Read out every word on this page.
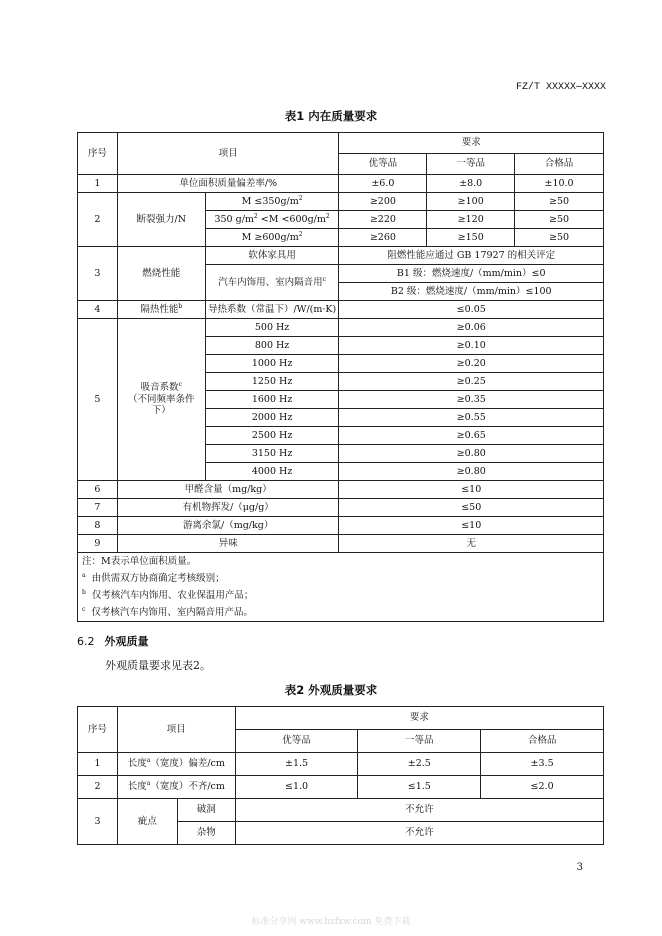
FZ/T XXXXX—XXXX
表1 内在质量要求
序号	项目		要求		
			优等品	一等品	合格品
1	单位面积质量偏差率/%		±6.0	±8.0	±10.0
2	断裂强力/N	$M \le 350g/m^2$	≥200	≥100	≥50
		350 $g/m^2 <M <600g/m^2$	≥220	≥120	≥50
		$M \ge 600g/m^2$	≥260	≥150	≥50
3	燃烧性能	软体家具用	阻燃性能应通过 GB 17927 的相关评定		
		汽车内饰用、室内隔音用$^c$	B1 级：燃烧速度/（mm/min）≤0		
			B2 级：燃烧速度/（mm/min）≤100		
4	隔热性能$^b$	导热系数（常温下）/W/(m·K)	≤0.05		
5	吸音系数$^c$
（不同频率条件
下）	500 Hz	≥0.06		
		800 Hz	≥0.10		
		1000 Hz	≥0.20		
		1250 Hz	≥0.25		
		1600 Hz	≥0.35		
		2000 Hz	≥0.55		
		2500 Hz	≥0.65		
		3150 Hz	≥0.80		
		4000 Hz	≥0.80		
6	甲醛含量（mg/kg）		≤10		
7	有机物挥发/（μg/g）		≤50		
8	游离余氯/（mg/kg）		≤10		
9	异味		无		
注：M表示单位面积质量。					
$^a$ 由供需双方协商确定考核级别；					
$^b$ 仅考核汽车内饰用、农业保温用产品；					
$^c$ 仅考核汽车内饰用、室内隔音用产品。					
6.2 外观质量
外观质量要求见表2。
表2 外观质量要求
序号	项目		要求		
			优等品	一等品	合格品
1	长度$^a$（宽度）偏差/cm		±1.5	±2.5	±3.5
2	长度$^a$（宽度）不齐/cm		≤1.0	≤1.5	≤2.0
3	疵点	破洞	不允许		
		杂物	不允许		
3
标准分享网 www.bzfxw.com 免费下载
